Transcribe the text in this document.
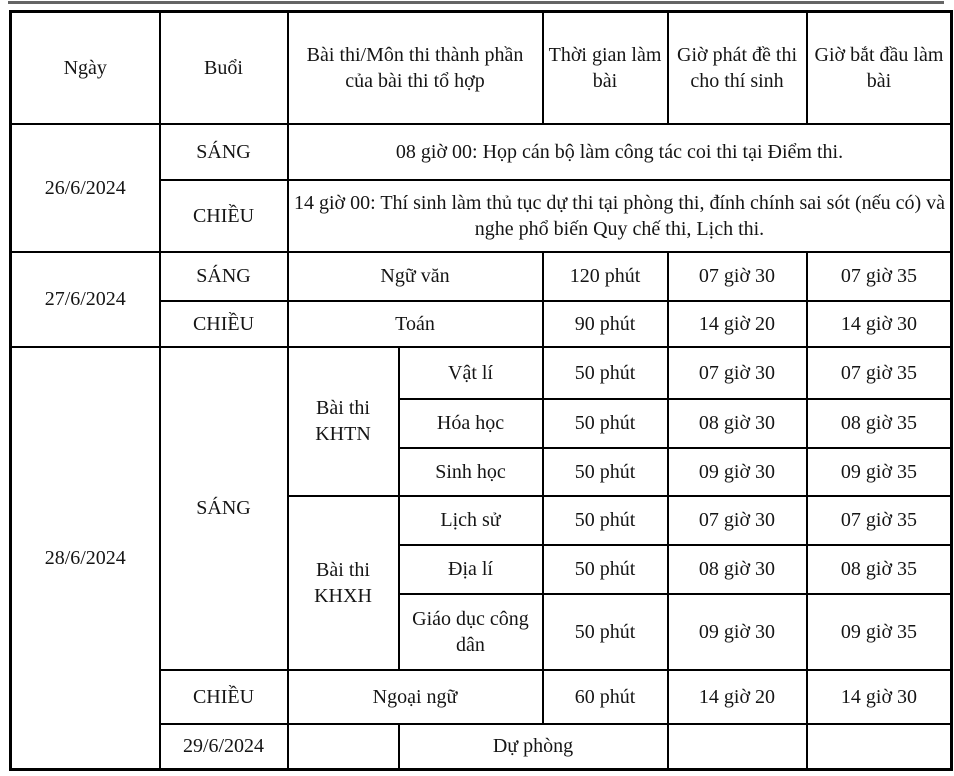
Ngày	Buổi	Bài thi/Môn thi thành phần của bài thi tổ hợp		Thời gian làm bài	Giờ phát đề thi cho thí sinh	Giờ bắt đầu làm bài	
26/6/2024	SÁNG	08 giờ 00: Họp cán bộ làm công tác coi thi tại Điểm thi.					
	CHIỀU	14 giờ 00: Thí sinh làm thủ tục dự thi tại phòng thi, đính chính sai sót (nếu có) và nghe phổ biến Quy chế thi, Lịch thi.					
27/6/2024	SÁNG	Ngữ văn		120 phút	07 giờ 30	07 giờ 35	
	CHIỀU	Toán		90 phút	14 giờ 20	14 giờ 30	
28/6/2024	SÁNG	Bài thi KHTN	Vật lí	50 phút	07 giờ 30	07 giờ 35	
			Hóa học	50 phút	08 giờ 30	08 giờ 35	
			Sinh học	50 phút	09 giờ 30	09 giờ 35	
		Bài thi KHXH	Lịch sử	50 phút	07 giờ 30	07 giờ 35	
			Địa lí	50 phút	08 giờ 30	08 giờ 35	
			Giáo dục công dân	50 phút	09 giờ 30	09 giờ 35	
	CHIỀU	Ngoại ngữ		60 phút	14 giờ 20	14 giờ 30	
	29/6/2024		Dự phòng				
